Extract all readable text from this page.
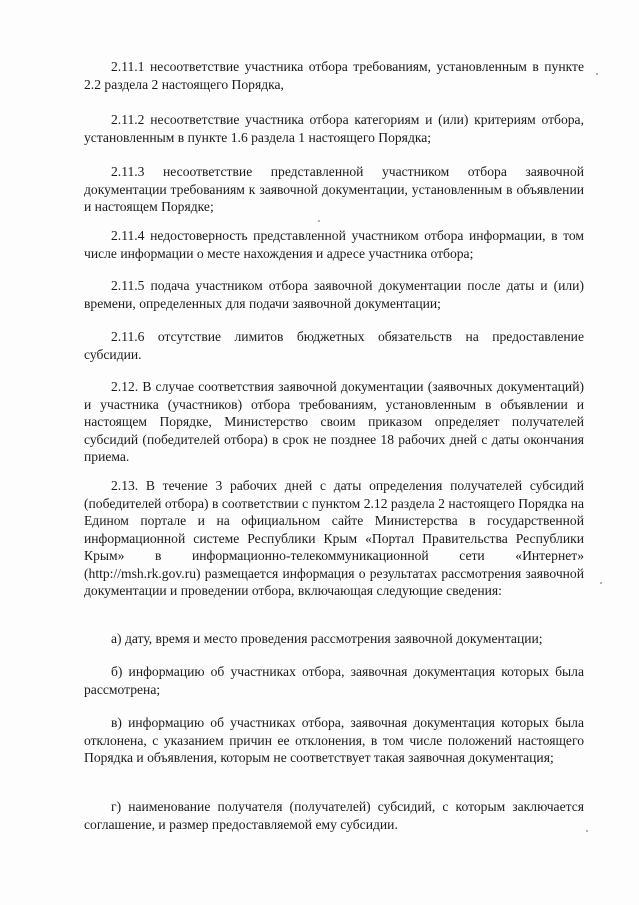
2.11.1 несоответствие участника отбора требованиям, установленным в пункте 2.2 раздела 2 настоящего Порядка,

2.11.2 несоответствие участника отбора категориям и (или) критериям отбора, установленным в пункте 1.6 раздела 1 настоящего Порядка;

2.11.3 несоответствие представленной участником отбора заявочной документации требованиям к заявочной документации, установленным в объявлении и настоящем Порядке;

2.11.4 недостоверность представленной участником отбора информации, в том числе информации о месте нахождения и адресе участника отбора;

2.11.5 подача участником отбора заявочной документации после даты и (или) времени, определенных для подачи заявочной документации;

2.11.6 отсутствие лимитов бюджетных обязательств на предоставление субсидии.

2.12. В случае соответствия заявочной документации (заявочных документаций) и участника (участников) отбора требованиям, установленным в объявлении и настоящем Порядке, Министерство своим приказом определяет получателей субсидий (победителей отбора) в срок не позднее 18 рабочих дней с даты окончания приема.

2.13. В течение 3 рабочих дней с даты определения получателей субсидий (победителей отбора) в соответствии с пунктом 2.12 раздела 2 настоящего Порядка на Едином портале и на официальном сайте Министерства в государственной информационной системе Республики Крым «Портал Правительства Республики Крым» в информационно-телекоммуникационной сети «Интернет» (http://msh.rk.gov.ru) размещается информация о результатах рассмотрения заявочной документации и проведении отбора, включающая следующие сведения:

а) дату, время и место проведения рассмотрения заявочной документации;

б) информацию об участниках отбора, заявочная документация которых была рассмотрена;

в) информацию об участниках отбора, заявочная документация которых была отклонена, с указанием причин ее отклонения, в том числе положений настоящего Порядка и объявления, которым не соответствует такая заявочная документация;

г) наименование получателя (получателей) субсидий, с которым заключается соглашение, и размер предоставляемой ему субсидии.
